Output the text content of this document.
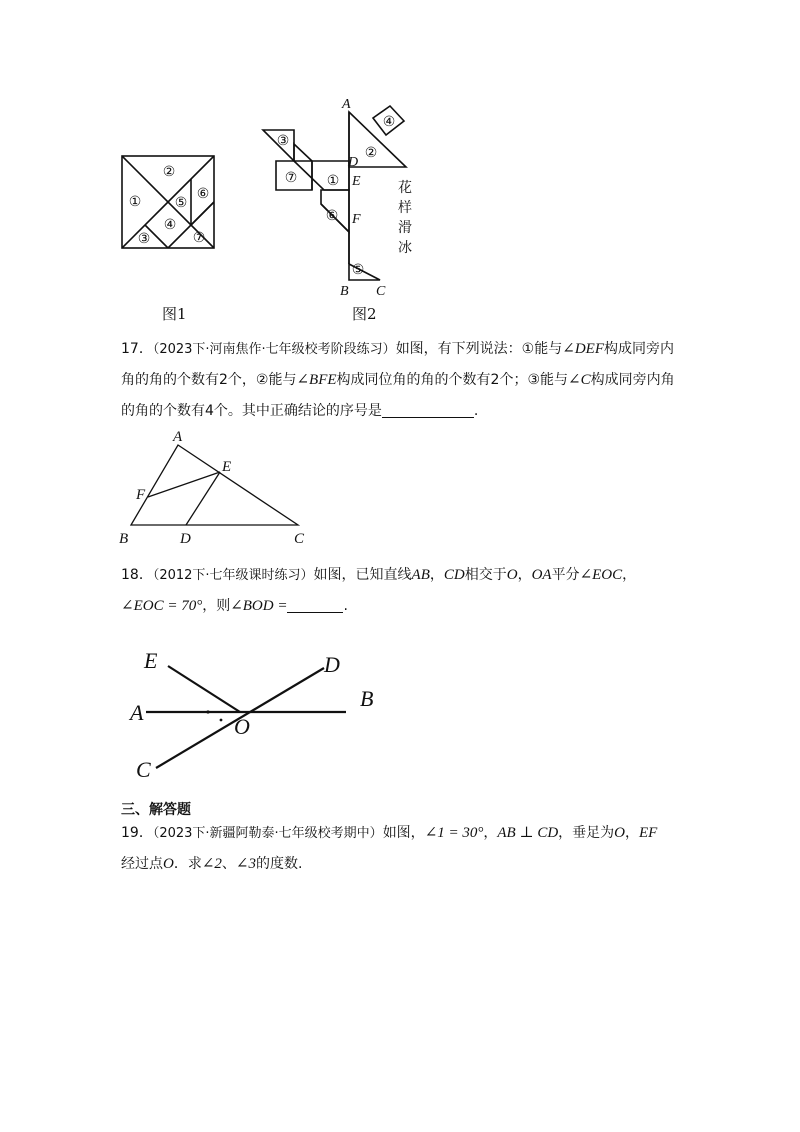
①
②
③
④
⑤
⑥
⑦
图1
③
⑦ ①
⑥
⑤
②
④
A
D
E
F
B C
花
样
滑
冰
图2
17．（2023下·河南焦作·七年级校考阶段练习）如图，有下列说法：①能与∠DEF构成同旁内角的角的个数有2个，②能与∠BFE构成同位角的角的个数有2个；③能与∠C构成同旁内角的角的个数有4个。其中正确结论的序号是	.
A
E
F
B	D	C
18．（2012下·七年级课时练习）如图，已知直线AB，CD相交于O，OA平分∠EOC，
∠EOC = 70°，则∠BOD =	.
E	D
A
O
B
C
三、解答题
19．（2023下·新疆阿勒泰·七年级校考期中）如图，∠1 = 30°，AB ⊥ CD，垂足为O，EF
经过点O．求∠2、∠3的度数.
